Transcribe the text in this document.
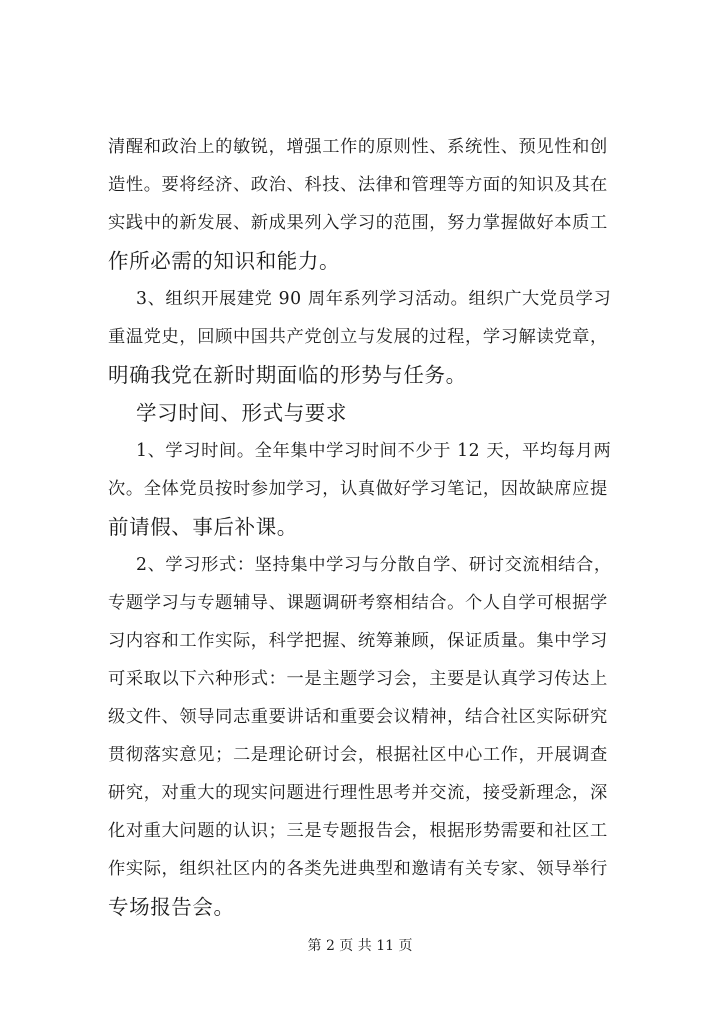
清醒和政治上的敏锐，增强工作的原则性、系统性、预见性和创
造性。要将经济、政治、科技、法律和管理等方面的知识及其在
实践中的新发展、新成果列入学习的范围，努力掌握做好本质工
作所必需的知识和能力。
3、组织开展建党 90 周年系列学习活动。组织广大党员学习
重温党史，回顾中国共产党创立与发展的过程，学习解读党章，
明确我党在新时期面临的形势与任务。
学习时间、形式与要求
1、学习时间。全年集中学习时间不少于 12 天，平均每月两
次。全体党员按时参加学习，认真做好学习笔记，因故缺席应提
前请假、事后补课。
2、学习形式：坚持集中学习与分散自学、研讨交流相结合，
专题学习与专题辅导、课题调研考察相结合。个人自学可根据学
习内容和工作实际，科学把握、统筹兼顾，保证质量。集中学习
可采取以下六种形式：一是主题学习会，主要是认真学习传达上
级文件、领导同志重要讲话和重要会议精神，结合社区实际研究
贯彻落实意见；二是理论研讨会，根据社区中心工作，开展调查
研究，对重大的现实问题进行理性思考并交流，接受新理念，深
化对重大问题的认识；三是专题报告会，根据形势需要和社区工
作实际，组织社区内的各类先进典型和邀请有关专家、领导举行
专场报告会。
第 2 页 共 11 页
